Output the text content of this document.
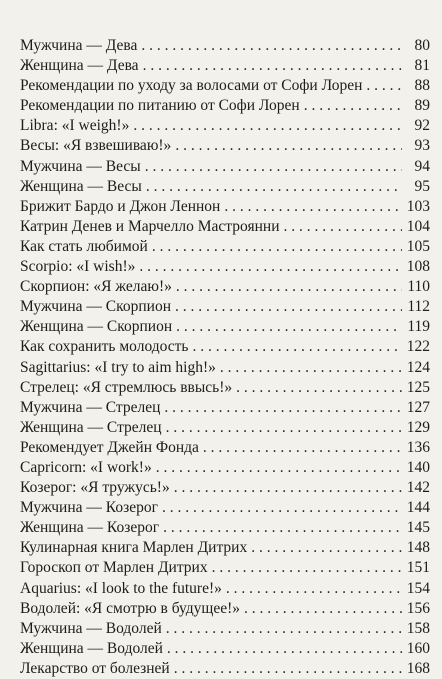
Мужчина — Дева . . .	80
Женщина — Дева . . .	81
Рекомендации по уходу за волосами от Софи Лорен . . .	88
Рекомендации по питанию от Софи Лорен . . .	89
Libra: «I weigh!» . . .	92
Весы: «Я взвешиваю!» . . .	93
Мужчина — Весы . . .	94
Женщина — Весы . . .	95
Брижит Бардо и Джон Леннон . . .	103
Катрин Денев и Марчелло Мастроянни . . .	104
Как стать любимой . . .	105
Scorpio: «I wish!» . . .	108
Скорпион: «Я желаю!» . . .	110
Мужчина — Скорпион . . .	112
Женщина — Скорпион . . .	119
Как сохранить молодость . . .	122
Sagittarius: «I try to aim high!» . . .	124
Стрелец: «Я стремлюсь ввысь!» . . .	125
Мужчина — Стрелец . . .	127
Женщина — Стрелец . . .	129
Рекомендует Джейн Фонда . . .	136
Capricorn: «I work!» . . .	140
Козерог: «Я тружусь!» . . .	142
Мужчина — Козерог . . .	144
Женщина — Козерог . . .	145
Кулинарная книга Марлен Дитрих . . .	148
Гороскоп от Марлен Дитрих . . .	151
Aquarius: «I look to the future!» . . .	154
Водолей: «Я смотрю в будущее!» . . .	156
Мужчина — Водолей . . .	158
Женщина — Водолей . . .	160
Лекарство от болезней . . .	168
